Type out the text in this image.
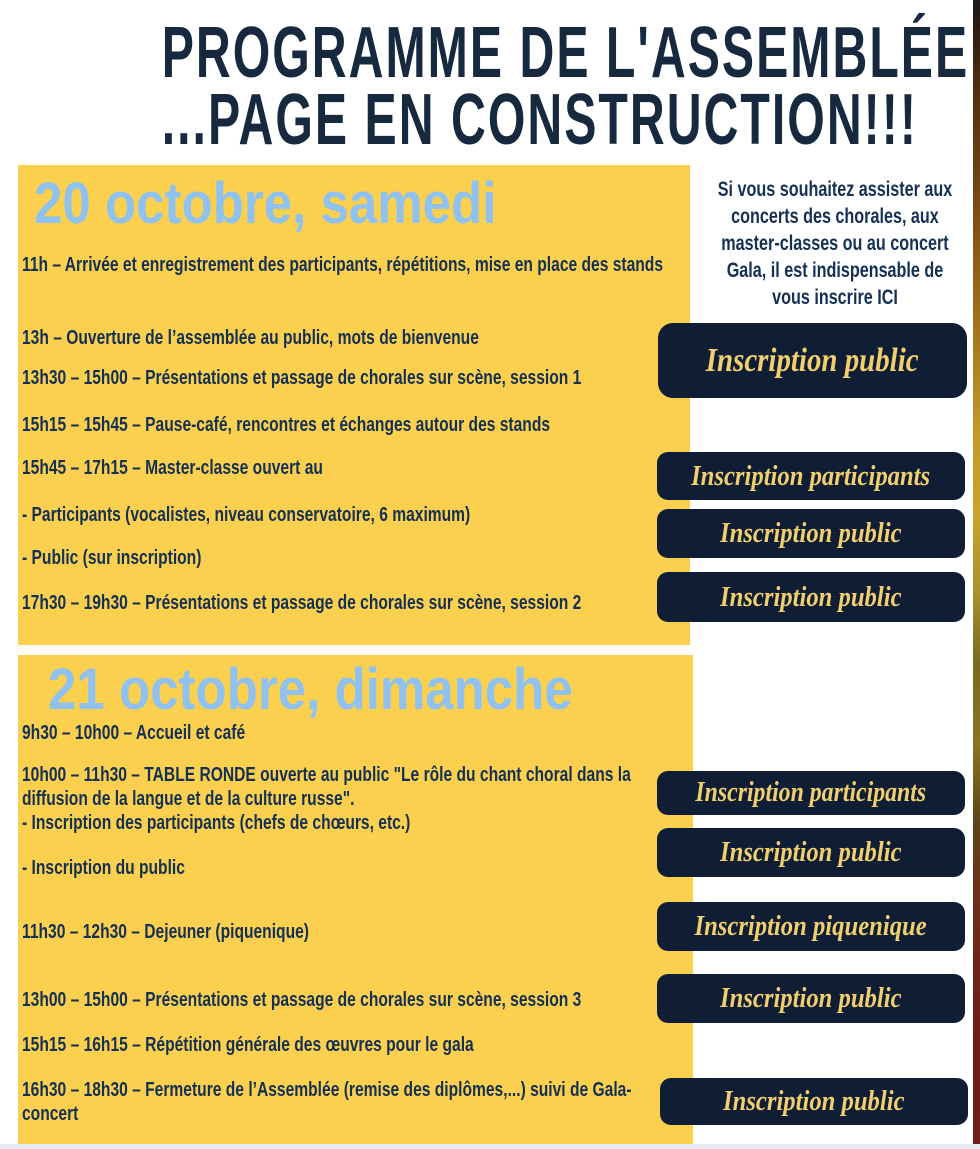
PROGRAMME DE L'ASSEMBLÉE
...PAGE EN CONSTRUCTION!!!
20 octobre, samedi
21 octobre, dimanche
Si vous souhaitez assister aux
concerts des chorales, aux
master-classes ou au concert
Gala, il est indispensable de
vous inscrire ICI

11h – Arrivée et enregistrement des participants, répétitions, mise en place des stands

13h – Ouverture de l’assemblée au public, mots de bienvenue

13h30 – 15h00 – Présentations et passage de chorales sur scène, session 1

15h15 – 15h45 – Pause-café, rencontres et échanges autour des stands

15h45 – 17h15 – Master-classe ouvert au

- Participants (vocalistes, niveau conservatoire, 6 maximum)

- Public (sur inscription)

17h30 – 19h30 – Présentations et passage de chorales sur scène, session 2

9h30 – 10h00 – Accueil et café

10h00 – 11h30 – TABLE RONDE ouverte au public "Le rôle du chant choral dans la diffusion de la langue et de la culture russe".

- Inscription des participants (chefs de chœurs, etc.)

- Inscription du public

11h30 – 12h30 – Dejeuner (piquenique)

13h00 – 15h00 – Présentations et passage de chorales sur scène, session 3

15h15 – 16h15 – Répétition générale des œuvres pour le gala

16h30 – 18h30 – Fermeture de l’Assemblée (remise des diplômes,...) suivi de Gala-concert

Inscription public
Inscription participants
Inscription public
Inscription public
Inscription participants
Inscription public
Inscription piquenique
Inscription public
Inscription public
